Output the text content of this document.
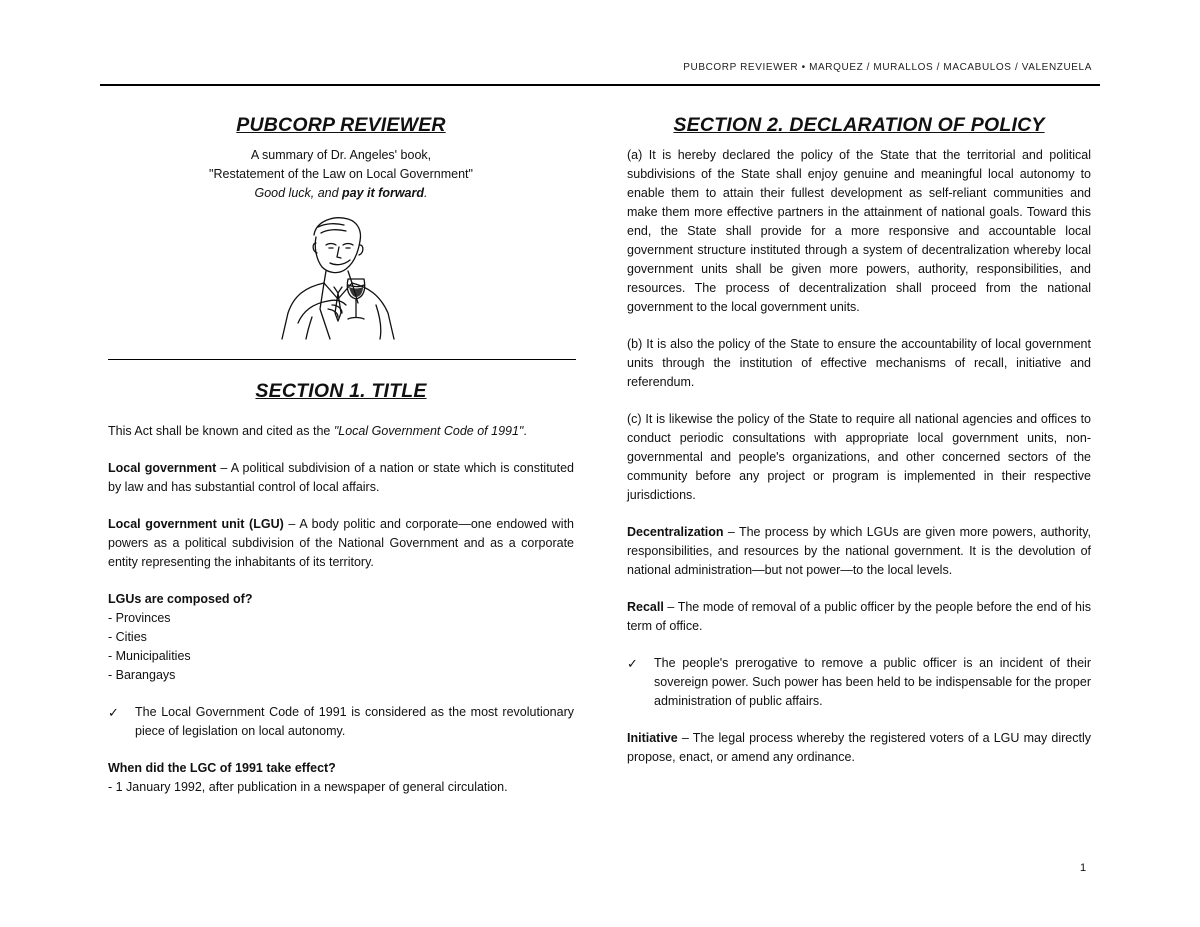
PUBCORP REVIEWER • MARQUEZ / MURALLOS / MACABULOS / VALENZUELA
PUBCORP REVIEWER

A summary of Dr. Angeles' book,

"Restatement of the Law on Local Government"

Good luck, and pay it forward.

SECTION 1. TITLE

This Act shall be known and cited as the "Local Government Code of 1991".

Local government – A political subdivision of a nation or state which is constituted by law and has substantial control of local affairs.

Local government unit (LGU) – A body politic and corporate—one endowed with powers as a political subdivision of the National Government and as a corporate entity representing the inhabitants of its territory.

LGUs are composed of?

- Provinces
- Cities
- Municipalities
- Barangays
✓	The Local Government Code of 1991 is considered as the most revolutionary piece of legislation on local autonomy.

When did the LGC of 1991 take effect?

- 1 January 1992, after publication in a newspaper of general circulation.

SECTION 2. DECLARATION OF POLICY

(a) It is hereby declared the policy of the State that the territorial and political subdivisions of the State shall enjoy genuine and meaningful local autonomy to enable them to attain their fullest development as self-reliant communities and make them more effective partners in the attainment of national goals. Toward this end, the State shall provide for a more responsive and accountable local government structure instituted through a system of decentralization whereby local government units shall be given more powers, authority, responsibilities, and resources. The process of decentralization shall proceed from the national government to the local government units.

(b) It is also the policy of the State to ensure the accountability of local government units through the institution of effective mechanisms of recall, initiative and referendum.

(c) It is likewise the policy of the State to require all national agencies and offices to conduct periodic consultations with appropriate local government units, non-governmental and people's organizations, and other concerned sectors of the community before any project or program is implemented in their respective jurisdictions.

Decentralization – The process by which LGUs are given more powers, authority, responsibilities, and resources by the national government. It is the devolution of national administration—but not power—to the local levels.

Recall – The mode of removal of a public officer by the people before the end of his term of office.

✓	The people's prerogative to remove a public officer is an incident of their sovereign power. Such power has been held to be indispensable for the proper administration of public affairs.

Initiative – The legal process whereby the registered voters of a LGU may directly propose, enact, or amend any ordinance.

1
